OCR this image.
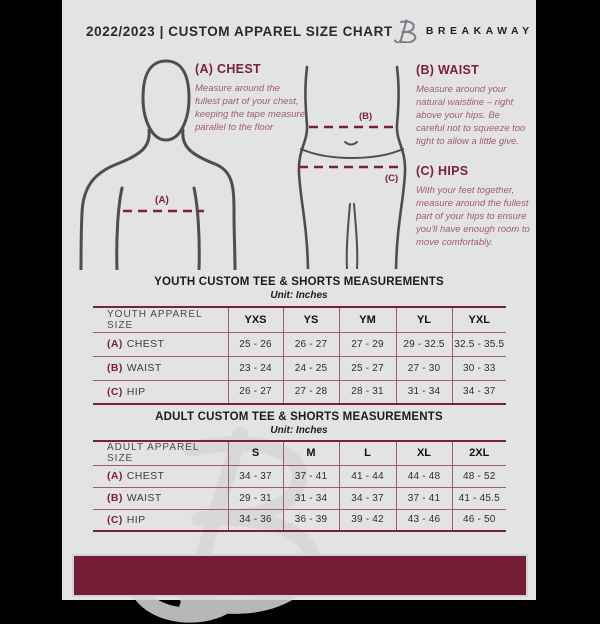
2022/2023 | CUSTOM APPAREL SIZE CHART	BREAKAWAY
(A)
(A) CHEST
Measure around the fullest part of your chest, keeping the tape measure parallel to the floor
(B)
(C)
(B) WAIST
Measure around your natural waistline – right above your hips. Be careful not to squeeze too tight to allow a little give.
(C) HIPS
With your feet together, measure around the fullest part of your hips to ensure you'll have enough room to move comfortably.
YOUTH CUSTOM TEE & SHORTS MEASUREMENTS
Unit: Inches
YOUTH APPAREL SIZE	YXS	YS	YM	YL	YXL
(A) CHEST	25 - 26	26 - 27	27 - 29	29 - 32.5	32.5 - 35.5
(B) WAIST	23 - 24	24 - 25	25 - 27	27 - 30	30 - 33
(C) HIP	26 - 27	27 - 28	28 - 31	31 - 34	34 - 37
ADULT CUSTOM TEE & SHORTS MEASUREMENTS
Unit: Inches
ADULT APPAREL SIZE	S	M	L	XL	2XL
(A) CHEST	34 - 37	37 - 41	41 - 44	44 - 48	48 - 52
(B) WAIST	29 - 31	31 - 34	34 - 37	37 - 41	41 - 45.5
(C) HIP	34 - 36	36 - 39	39 - 42	43 - 46	46 - 50
